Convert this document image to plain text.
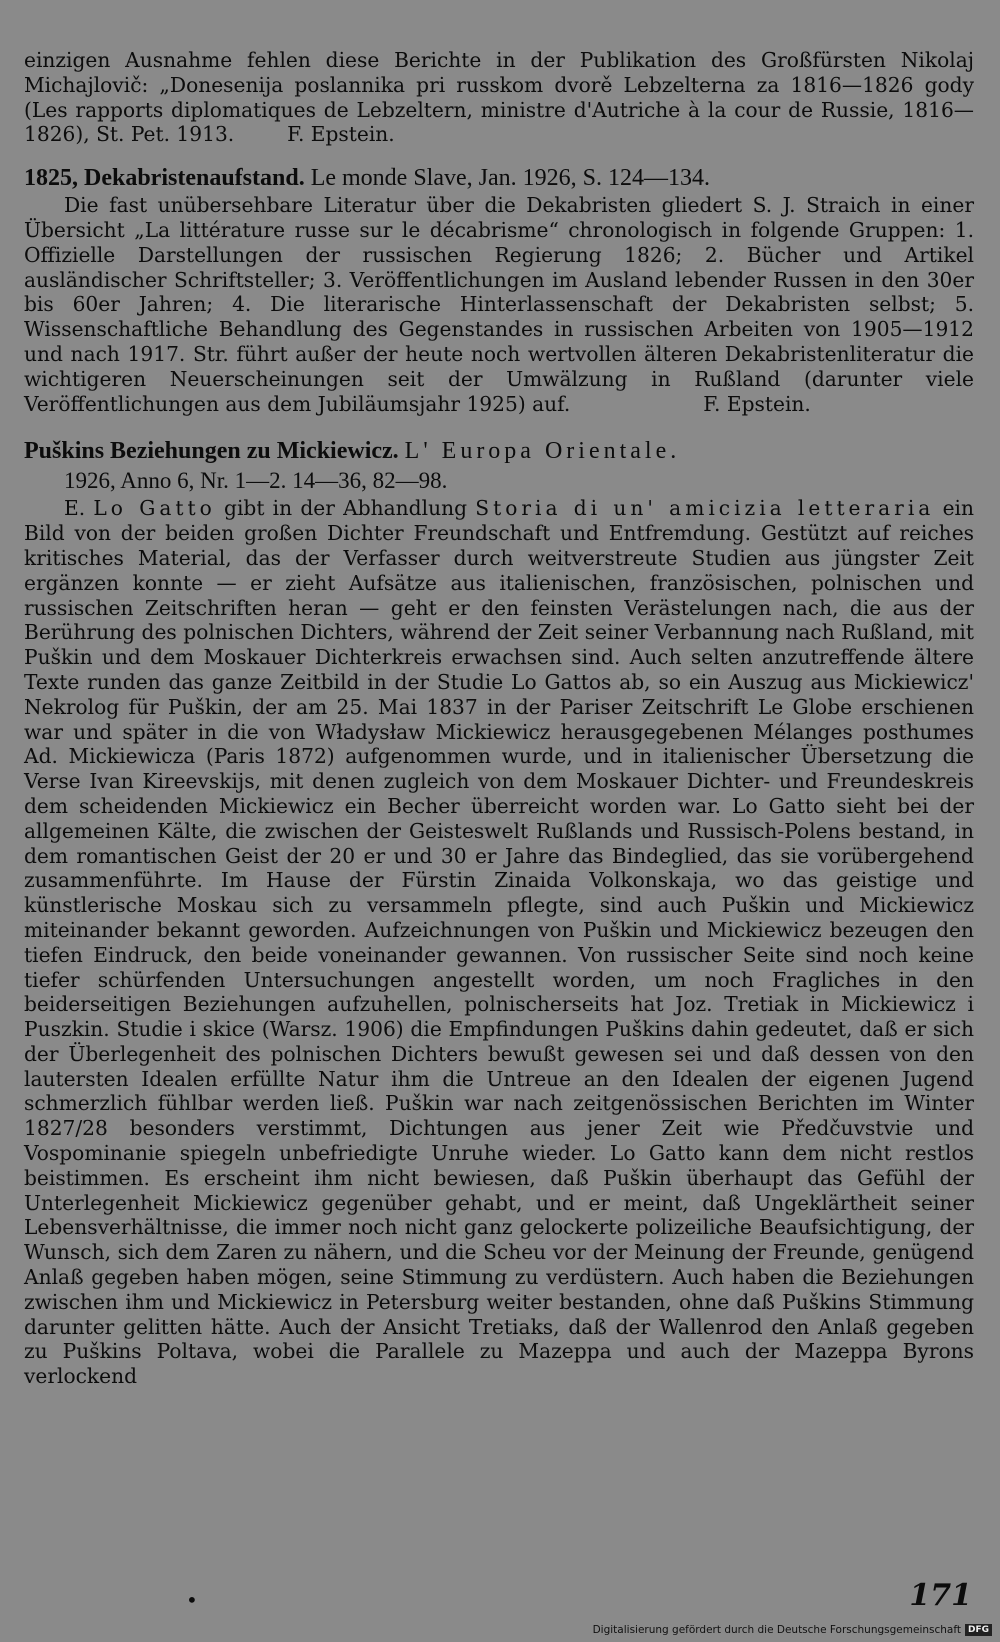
einzigen Ausnahme fehlen diese Berichte in der Publikation des Großfürsten Nikolaj Michajlovič: „Donesenija poslannika pri russkom dvorě Lebzelterna za 1816—1826 gody (Les rapports diplomatiques de Lebzeltern, ministre d'Autriche à la cour de Russie, 1816—1826), St. Pet. 1913.	F. Epstein.

1825, Dekabristenaufstand. Le monde Slave, Jan. 1926, S. 124—134.

Die fast unübersehbare Literatur über die Dekabristen gliedert S. J. Straich in einer Übersicht „La littérature russe sur le décabrisme“ chronologisch in folgende Gruppen: 1. Offizielle Darstellungen der russischen Regierung 1826; 2. Bücher und Artikel ausländischer Schriftsteller; 3. Veröffentlichungen im Ausland lebender Russen in den 30er bis 60er Jahren; 4. Die literarische Hinterlassenschaft der Dekabristen selbst; 5. Wissenschaftliche Behandlung des Gegenstandes in russischen Arbeiten von 1905—1912 und nach 1917. Str. führt außer der heute noch wertvollen älteren Dekabristenliteratur die wichtigeren Neuerscheinungen seit der Umwälzung in Rußland (darunter viele Veröffentlichungen aus dem Jubiläumsjahr 1925) auf.	F. Epstein.

Puškins Beziehungen zu Mickiewicz. L' Europa Orientale.

1926, Anno 6, Nr. 1—2. 14—36, 82—98.

E. Lo Gatto gibt in der Abhandlung Storia di un' amicizia letteraria ein Bild von der beiden großen Dichter Freundschaft und Entfremdung. Gestützt auf reiches kritisches Material, das der Verfasser durch weitverstreute Studien aus jüngster Zeit ergänzen konnte — er zieht Aufsätze aus italienischen, französischen, polnischen und russischen Zeitschriften heran — geht er den feinsten Verästelungen nach, die aus der Berührung des polnischen Dichters, während der Zeit seiner Verbannung nach Rußland, mit Puškin und dem Moskauer Dichterkreis erwachsen sind. Auch selten anzutreffende ältere Texte runden das ganze Zeitbild in der Studie Lo Gattos ab, so ein Auszug aus Mickiewicz' Nekrolog für Puškin, der am 25. Mai 1837 in der Pariser Zeitschrift Le Globe erschienen war und später in die von Władysław Mickiewicz herausgegebenen Mélanges posthumes Ad. Mickiewicza (Paris 1872) aufgenommen wurde, und in italienischer Übersetzung die Verse Ivan Kireevskijs, mit denen zugleich von dem Moskauer Dichter- und Freundeskreis dem scheidenden Mickiewicz ein Becher überreicht worden war. Lo Gatto sieht bei der allgemeinen Kälte, die zwischen der Geisteswelt Rußlands und Russisch-Polens bestand, in dem romantischen Geist der 20 er und 30 er Jahre das Bindeglied, das sie vorübergehend zusammenführte. Im Hause der Fürstin Zinaida Volkonskaja, wo das geistige und künstlerische Moskau sich zu versammeln pflegte, sind auch Puškin und Mickiewicz miteinander bekannt geworden. Aufzeichnungen von Puškin und Mickiewicz bezeugen den tiefen Eindruck, den beide voneinander gewannen. Von russischer Seite sind noch keine tiefer schürfenden Untersuchungen angestellt worden, um noch Fragliches in den beiderseitigen Beziehungen aufzuhellen, polnischerseits hat Joz. Tretiak in Mickiewicz i Puszkin. Studie i skice (Warsz. 1906) die Empfindungen Puškins dahin gedeutet, daß er sich der Überlegenheit des polnischen Dichters bewußt gewesen sei und daß dessen von den lautersten Idealen erfüllte Natur ihm die Untreue an den Idealen der eigenen Jugend schmerzlich fühlbar werden ließ. Puškin war nach zeitgenössischen Berichten im Winter 1827/28 besonders verstimmt, Dichtungen aus jener Zeit wie Předčuvstvie und Vospominanie spiegeln unbefriedigte Unruhe wieder. Lo Gatto kann dem nicht restlos beistimmen. Es erscheint ihm nicht bewiesen, daß Puškin überhaupt das Gefühl der Unterlegenheit Mickiewicz gegenüber gehabt, und er meint, daß Ungeklärtheit seiner Lebensverhältnisse, die immer noch nicht ganz gelockerte polizeiliche Beaufsichtigung, der Wunsch, sich dem Zaren zu nähern, und die Scheu vor der Meinung der Freunde, genügend Anlaß gegeben haben mögen, seine Stimmung zu verdüstern. Auch haben die Beziehungen zwischen ihm und Mickiewicz in Petersburg weiter bestanden, ohne daß Puškins Stimmung darunter gelitten hätte. Auch der Ansicht Tretiaks, daß der Wallenrod den Anlaß gegeben zu Puškins Poltava, wobei die Parallele zu Mazeppa und auch der Mazeppa Byrons verlockend

•	171
Digitalisierung gefördert durch die Deutsche Forschungsgemeinschaft DFG
